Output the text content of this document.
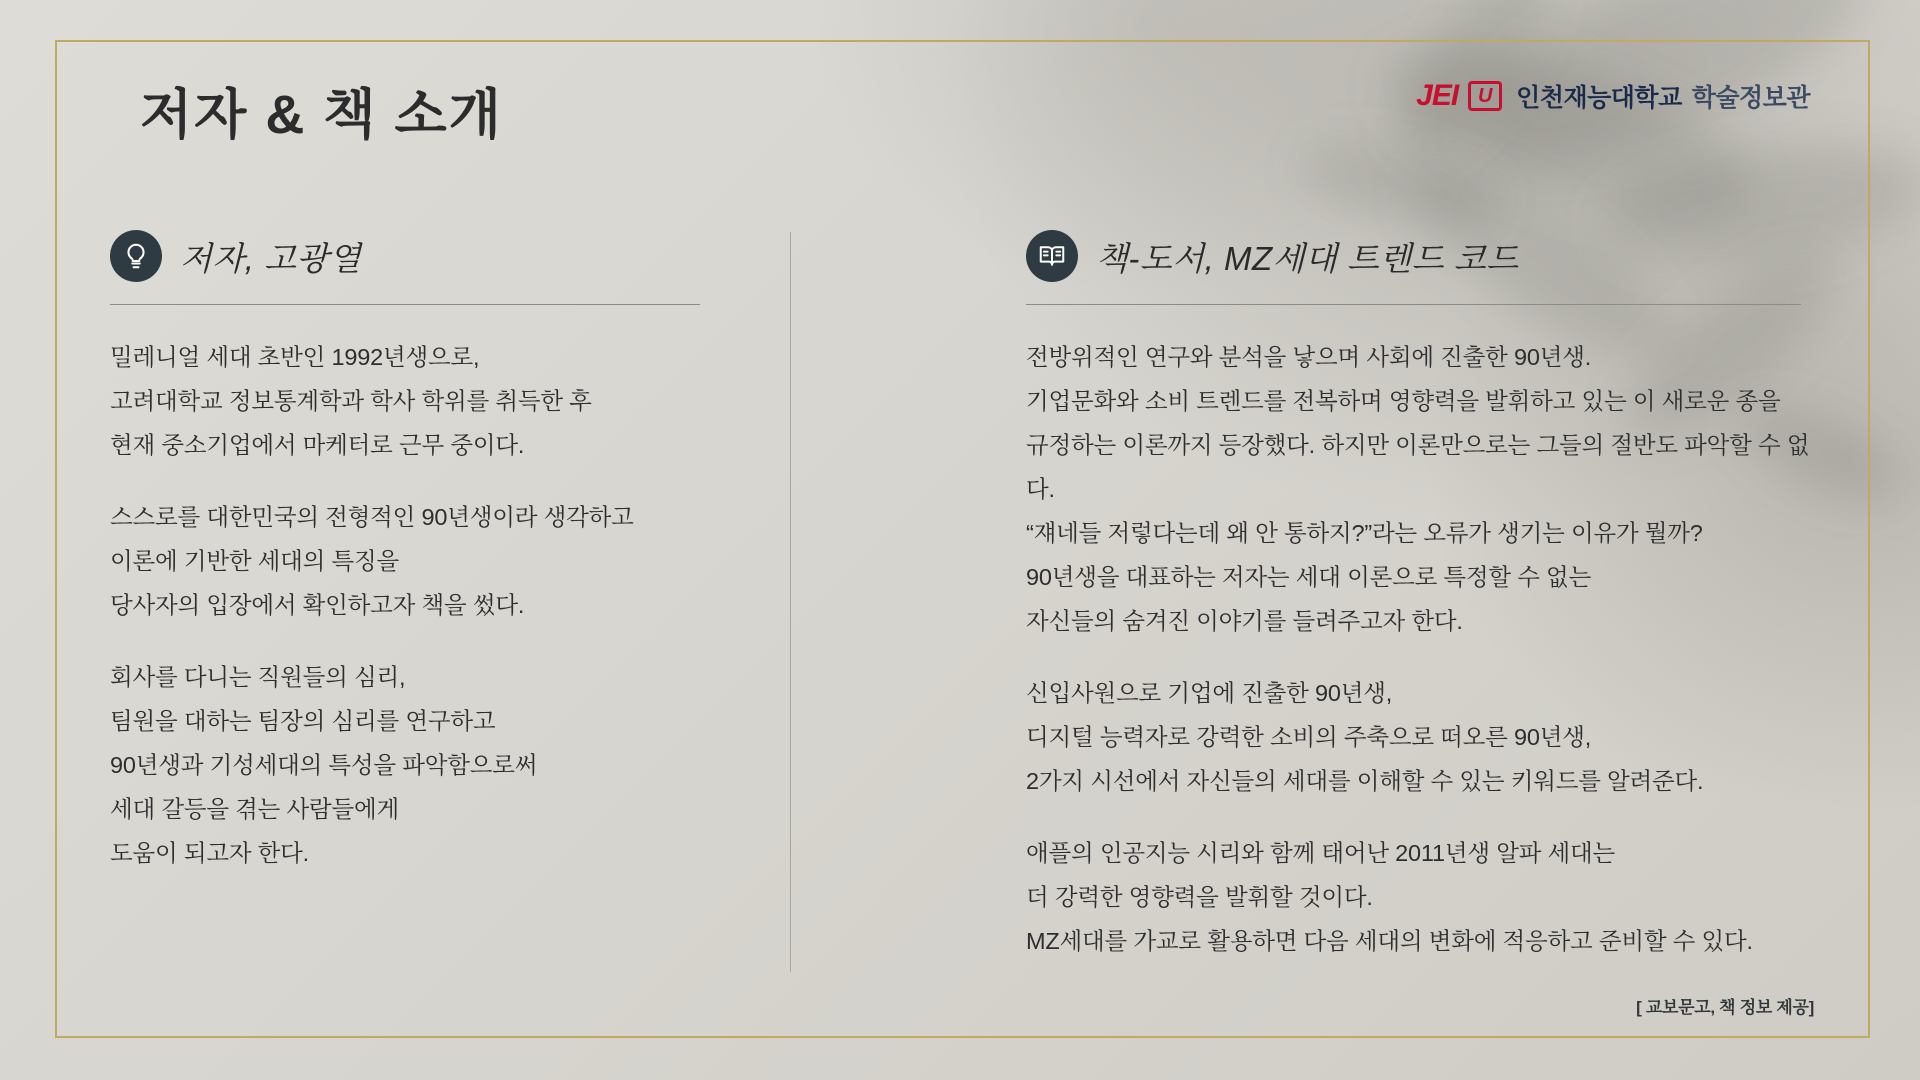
저자 & 책 소개	JEI U 인천재능대학교 학술정보관
저자, 고광열

밀레니얼 세대 초반인 1992년생으로,

고려대학교 정보통계학과 학사 학위를 취득한 후

현재 중소기업에서 마케터로 근무 중이다.

스스로를 대한민국의 전형적인 90년생이라 생각하고

이론에 기반한 세대의 특징을

당사자의 입장에서 확인하고자 책을 썼다.

회사를 다니는 직원들의 심리,

팀원을 대하는 팀장의 심리를 연구하고

90년생과 기성세대의 특성을 파악함으로써

세대 갈등을 겪는 사람들에게

도움이 되고자 한다.

책-도서, MZ세대 트렌드 코드

전방위적인 연구와 분석을 낳으며 사회에 진출한 90년생.

기업문화와 소비 트렌드를 전복하며 영향력을 발휘하고 있는 이 새로운 종을

규정하는 이론까지 등장했다. 하지만 이론만으로는 그들의 절반도 파악할 수 없다.

“쟤네들 저렇다는데 왜 안 통하지?”라는 오류가 생기는 이유가 뭘까?

90년생을 대표하는 저자는 세대 이론으로 특정할 수 없는

자신들의 숨겨진 이야기를 들려주고자 한다.

신입사원으로 기업에 진출한 90년생,

디지털 능력자로 강력한 소비의 주축으로 떠오른 90년생,

2가지 시선에서 자신들의 세대를 이해할 수 있는 키워드를 알려준다.

애플의 인공지능 시리와 함께 태어난 2011년생 알파 세대는

더 강력한 영향력을 발휘할 것이다.

MZ세대를 가교로 활용하면 다음 세대의 변화에 적응하고 준비할 수 있다.

[ 교보문고, 책 정보 제공]
